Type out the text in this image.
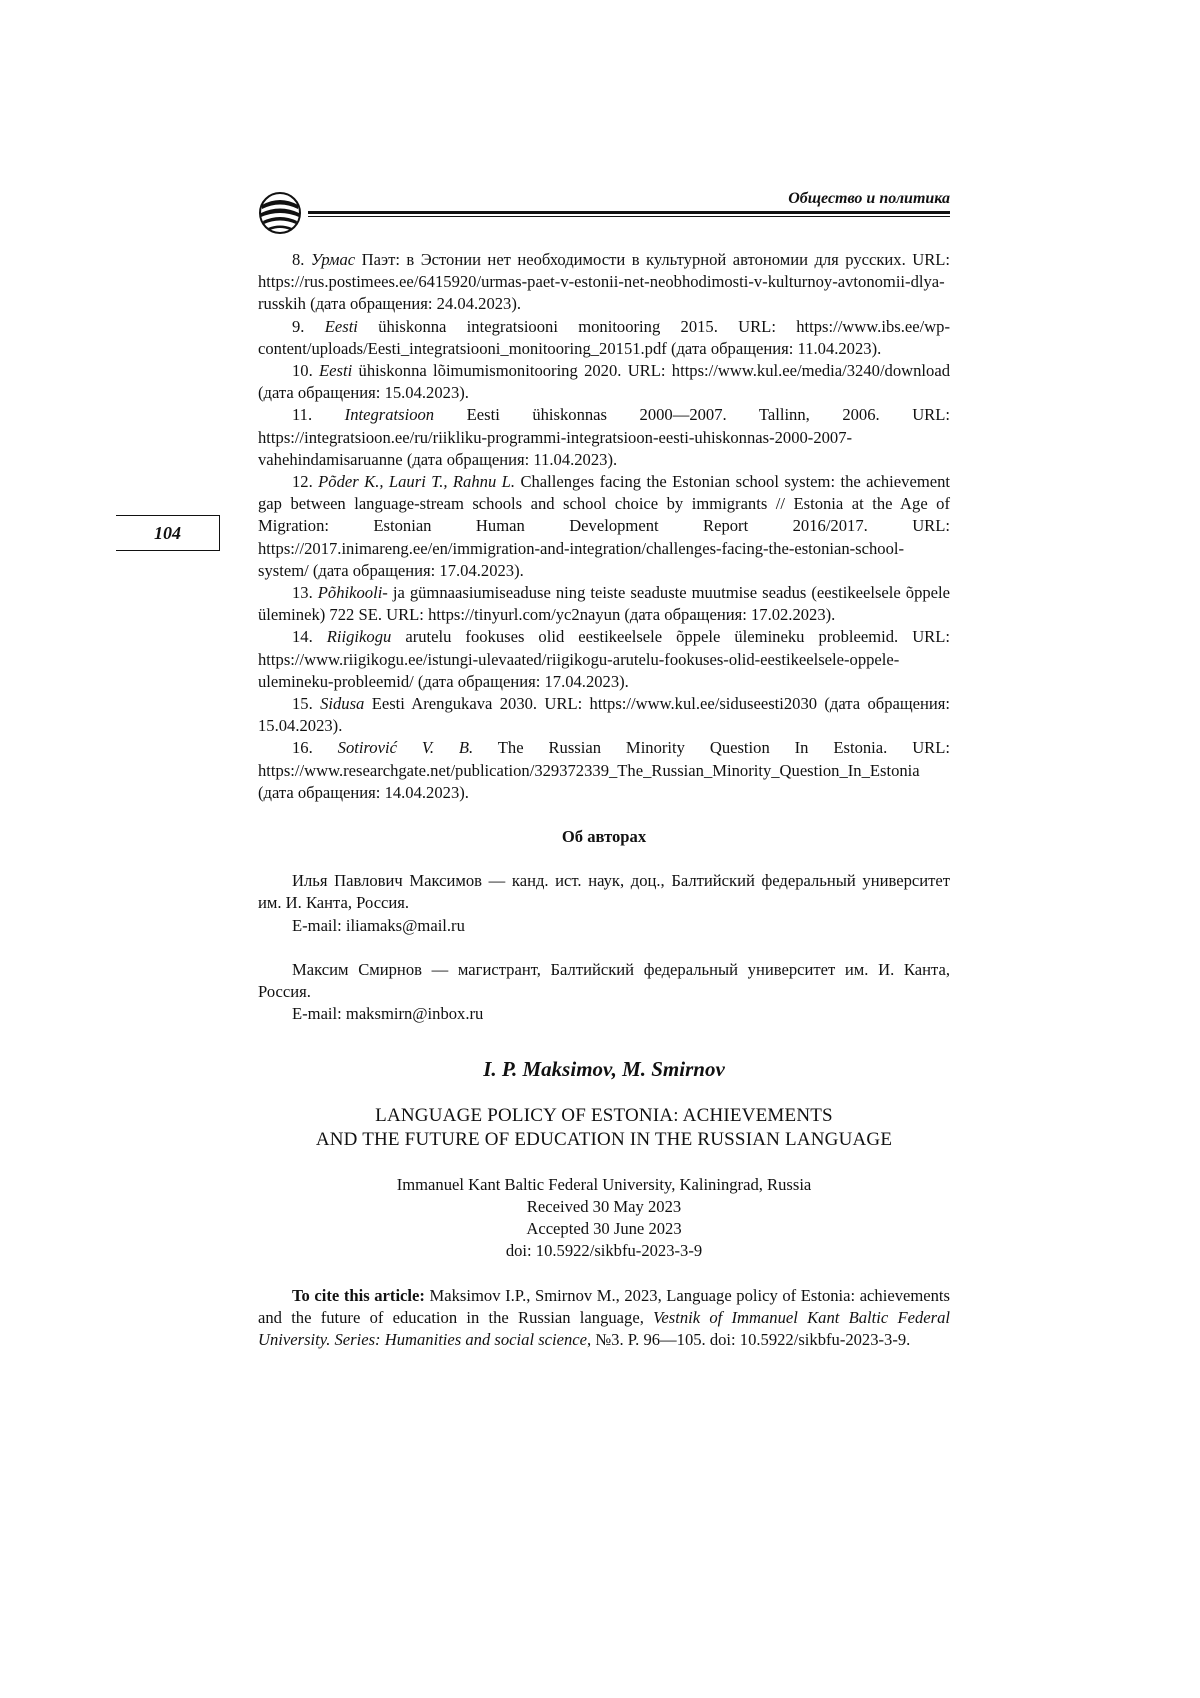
Общество и политика
104

8. Урмас Паэт: в Эстонии нет необходимости в культурной автономии для русских. URL: https://rus.postimees.ee/6415920/urmas-paet-v-estonii-net-neobhodimosti-v-kulturnoy-avtonomii-dlya-russkih (дата обращения: 24.04.2023).

9. Eesti ühiskonna integratsiooni monitooring 2015. URL: https://www.ibs.ee/wp-content/uploads/Eesti_integratsiooni_monitooring_20151.pdf (дата обращения: 11.04.2023).

10. Eesti ühiskonna lõimumismonitooring 2020. URL: https://www.kul.ee/media/3240/download (дата обращения: 15.04.2023).

11. Integratsioon Eesti ühiskonnas 2000—2007. Tallinn, 2006. URL: https://integratsioon.ee/ru/riikliku-programmi-integratsioon-eesti-uhiskonnas-2000-2007-vahehindamisaruanne (дата обращения: 11.04.2023).

12. Põder K., Lauri T., Rahnu L. Challenges facing the Estonian school system: the achievement gap between language-stream schools and school choice by immigrants // Estonia at the Age of Migration: Estonian Human Development Report 2016/2017. URL: https://2017.inimareng.ee/en/immigration-and-integration/challenges-facing-the-estonian-school-system/ (дата обращения: 17.04.2023).

13. Põhikooli- ja gümnaasiumiseaduse ning teiste seaduste muutmise seadus (eestikeelsele õppele üleminek) 722 SE. URL: https://tinyurl.com/yc2nayun (дата обращения: 17.02.2023).

14. Riigikogu arutelu fookuses olid eestikeelsele õppele ülemineku probleemid. URL: https://www.riigikogu.ee/istungi-ulevaated/riigikogu-arutelu-fookuses-olid-eestikeelsele-oppele-ulemineku-probleemid/ (дата обращения: 17.04.2023).

15. Sidusa Eesti Arengukava 2030. URL: https://www.kul.ee/siduseesti2030 (дата обращения: 15.04.2023).

16. Sotirović V. B. The Russian Minority Question In Estonia. URL: https://www.researchgate.net/publication/329372339_The_Russian_Minority_Question_In_Estonia (дата обращения: 14.04.2023).

Об авторах

Илья Павлович Максимов — канд. ист. наук, доц., Балтийский федеральный университет им. И. Канта, Россия.

E-mail: iliamaks@mail.ru

Максим Смирнов — магистрант, Балтийский федеральный университет им. И. Канта, Россия.

E-mail: maksmirn@inbox.ru

I. P. Maksimov, M. Smirnov
LANGUAGE POLICY OF ESTONIA: ACHIEVEMENTS
AND THE FUTURE OF EDUCATION IN THE RUSSIAN LANGUAGE
Immanuel Kant Baltic Federal University, Kaliningrad, Russia
Received 30 May 2023
Accepted 30 June 2023
doi: 10.5922/sikbfu-2023-3-9

To cite this article: Maksimov I.P., Smirnov M., 2023, Language policy of Estonia: achievements and the future of education in the Russian language, Vestnik of Immanuel Kant Baltic Federal University. Series: Humanities and social science, №3. P. 96—105. doi: 10.5922/sikbfu-2023-3-9.
